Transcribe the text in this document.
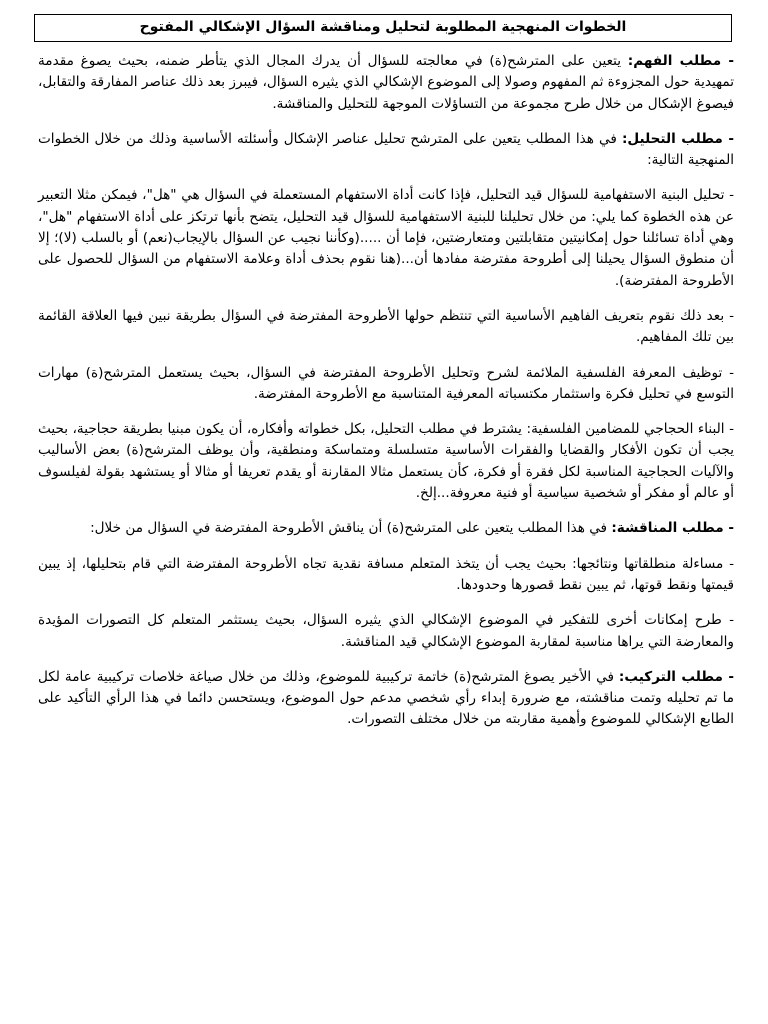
الخطوات المنهجية المطلوبة لتحليل ومناقشة السؤال الإشكالي المفتوح

- مطلب الفهم: يتعين على المترشح(ة) في معالجته للسؤال أن يدرك المجال الذي يتأطر ضمنه، بحيث يصوغ مقدمة تمهيدية حول المجزوءة ثم المفهوم وصولا إلى الموضوع الإشكالي الذي يثيره السؤال، فيبرز بعد ذلك عناصر المفارقة والتقابل، فيصوغ الإشكال من خلال طرح مجموعة من التساؤلات الموجهة للتحليل والمناقشة.

- مطلب التحليل: في هذا المطلب يتعين على المترشح تحليل عناصر الإشكال وأسئلته الأساسية وذلك من خلال الخطوات المنهجية التالية:

- تحليل البنية الاستفهامية للسؤال قيد التحليل، فإذا كانت أداة الاستفهام المستعملة في السؤال هي "هل"، فيمكن مثلا التعبير عن هذه الخطوة كما يلي: من خلال تحليلنا للبنية الاستفهامية للسؤال قيد التحليل، يتضح بأنها ترتكز على أداة الاستفهام "هل"، وهي أداة تسائلنا حول إمكانيتين متقابلتين ومتعارضتين، فإما أن .....(وكأننا نجيب عن السؤال بالإيجاب(نعم) أو بالسلب (لا)؛ إلا أن منطوق السؤال يحيلنا إلى أطروحة مفترضة مفادها أن...(هنا نقوم بحذف أداة وعلامة الاستفهام من السؤال للحصول على الأطروحة المفترضة).

- بعد ذلك نقوم بتعريف الفاهيم الأساسية التي تنتظم حولها الأطروحة المفترضة في السؤال بطريقة نبين فيها العلاقة القائمة بين تلك المفاهيم.

- توظيف المعرفة الفلسفية الملائمة لشرح وتحليل الأطروحة المفترضة في السؤال، بحيث يستعمل المترشح(ة) مهارات التوسع في تحليل فكرة واستثمار مكتسباته المعرفية المتناسبة مع الأطروحة المفترضة.

- البناء الحجاجي للمضامين الفلسفية: يشترط في مطلب التحليل، بكل خطواته وأفكاره، أن يكون مبنيا بطريقة حجاجية، بحيث يجب أن تكون الأفكار والقضايا والفقرات الأساسية متسلسلة ومتماسكة ومنطقية، وأن يوظف المترشح(ة) بعض الأساليب والآليات الحجاجية المناسبة لكل فقرة أو فكرة، كأن يستعمل مثالا المقارنة أو يقدم تعريفا أو مثالا أو يستشهد بقولة لفيلسوف أو عالم أو مفكر أو شخصية سياسية أو فنية معروفة...إلخ.

- مطلب المناقشة: في هذا المطلب يتعين على المترشح(ة) أن يناقش الأطروحة المفترضة في السؤال من خلال:

- مساءلة منطلقاتها ونتائجها: بحيث يجب أن يتخذ المتعلم مسافة نقدية تجاه الأطروحة المفترضة التي قام بتحليلها، إذ يبين قيمتها ونقط قوتها، ثم يبين نقط قصورها وحدودها.

- طرح إمكانات أخرى للتفكير في الموضوع الإشكالي الذي يثيره السؤال، بحيث يستثمر المتعلم كل التصورات المؤيدة والمعارضة التي يراها مناسبة لمقاربة الموضوع الإشكالي قيد المناقشة.

- مطلب التركيب: في الأخير يصوغ المترشح(ة) خاتمة تركيبية للموضوع، وذلك من خلال صياغة خلاصات تركيبية عامة لكل ما تم تحليله وتمت مناقشته، مع ضرورة إبداء رأي شخصي مدعم حول الموضوع، ويستحسن دائما في هذا الرأي التأكيد على الطابع الإشكالي للموضوع وأهمية مقاربته من خلال مختلف التصورات.
